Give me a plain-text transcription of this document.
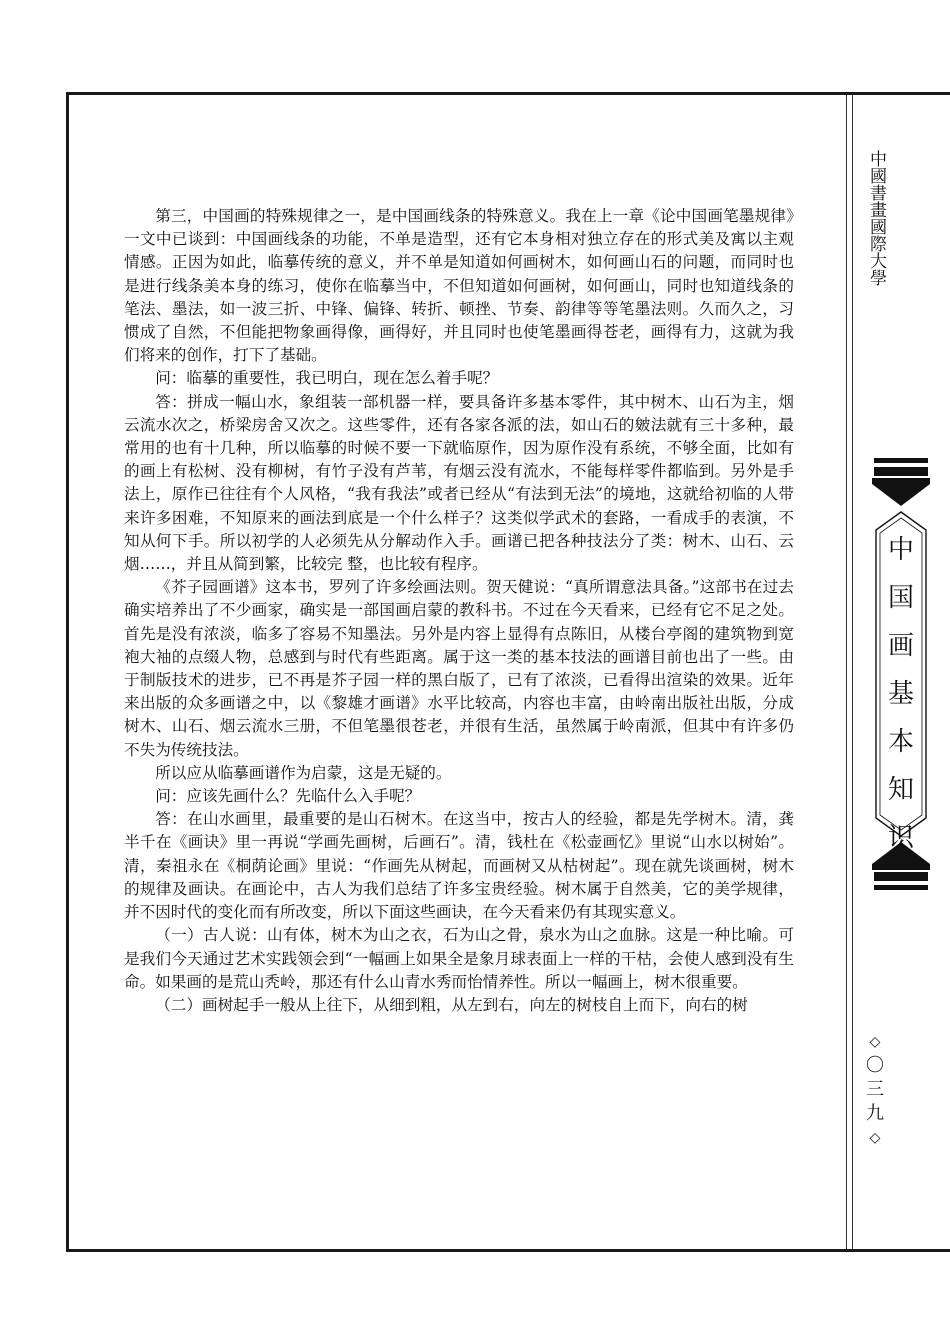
第三，中国画的特殊规律之一，是中国画线条的特殊意义。我在上一章《论中国画笔墨规律》一文中已谈到：中国画线条的功能，不单是造型，还有它本身相对独立存在的形式美及寓以主观情感。正因为如此，临摹传统的意义，并不单是知道如何画树木，如何画山石的问题，而同时也是进行线条美本身的练习，使你在临摹当中，不但知道如何画树，如何画山，同时也知道线条的笔法、墨法，如一波三折、中锋、偏锋、转折、顿挫、节奏、韵律等等笔墨法则。久而久之，习惯成了自然，不但能把物象画得像，画得好，并且同时也使笔墨画得苍老，画得有力，这就为我们将来的创作，打下了基础。

问：临摹的重要性，我已明白，现在怎么着手呢？

答：拼成一幅山水，象组装一部机器一样，要具备许多基本零件，其中树木、山石为主，烟云流水次之，桥梁房舍又次之。这些零件，还有各家各派的法，如山石的皴法就有三十多种，最常用的也有十几种，所以临摹的时候不要一下就临原作，因为原作没有系统，不够全面，比如有的画上有松树、没有柳树，有竹子没有芦苇，有烟云没有流水，不能每样零件都临到。另外是手法上，原作已往往有个人风格，“我有我法”或者已经从“有法到无法”的境地，这就给初临的人带来许多困难，不知原来的画法到底是一个什么样子？这类似学武术的套路，一看成手的表演，不知从何下手。所以初学的人必须先从分解动作入手。画谱已把各种技法分了类：树木、山石、云烟……，并且从简到繁，比较完 整，也比较有程序。

《芥子园画谱》这本书，罗列了许多绘画法则。贺天健说：“真所谓意法具备。”这部书在过去确实培养出了不少画家，确实是一部国画启蒙的教科书。不过在今天看来，已经有它不足之处。首先是没有浓淡，临多了容易不知墨法。另外是内容上显得有点陈旧，从楼台亭阁的建筑物到宽袍大袖的点缀人物，总感到与时代有些距离。属于这一类的基本技法的画谱目前也出了一些。由于制版技术的进步，已不再是芥子园一样的黑白版了，已有了浓淡，已看得出渲染的效果。近年来出版的众多画谱之中，以《黎雄才画谱》水平比较高，内容也丰富，由岭南出版社出版，分成树木、山石、烟云流水三册，不但笔墨很苍老，并很有生活，虽然属于岭南派，但其中有许多仍不失为传统技法。

所以应从临摹画谱作为启蒙，这是无疑的。

问：应该先画什么？先临什么入手呢？

答：在山水画里，最重要的是山石树木。在这当中，按古人的经验，都是先学树木。清，龚半千在《画诀》里一再说“学画先画树，后画石”。清，钱杜在《松壶画忆》里说“山水以树始”。清，秦祖永在《桐荫论画》里说：“作画先从树起，而画树又从枯树起”。现在就先谈画树，树木的规律及画诀。在画论中，古人为我们总结了许多宝贵经验。树木属于自然美，它的美学规律，并不因时代的变化而有所改变，所以下面这些画诀，在今天看来仍有其现实意义。

（一）古人说：山有体，树木为山之衣，石为山之骨，泉水为山之血脉。这是一种比喻。可是我们今天通过艺术实践领会到“一幅画上如果全是象月球表面上一样的干枯，会使人感到没有生命。如果画的是荒山秃岭，那还有什么山青水秀而怡情养性。所以一幅画上，树木很重要。

（二）画树起手一般从上往下，从细到粗，从左到右，向左的树枝自上而下，向右的树

中國書畫國際大學
中
国
画
基
本
知
识
◇
〇
三
九
◇
